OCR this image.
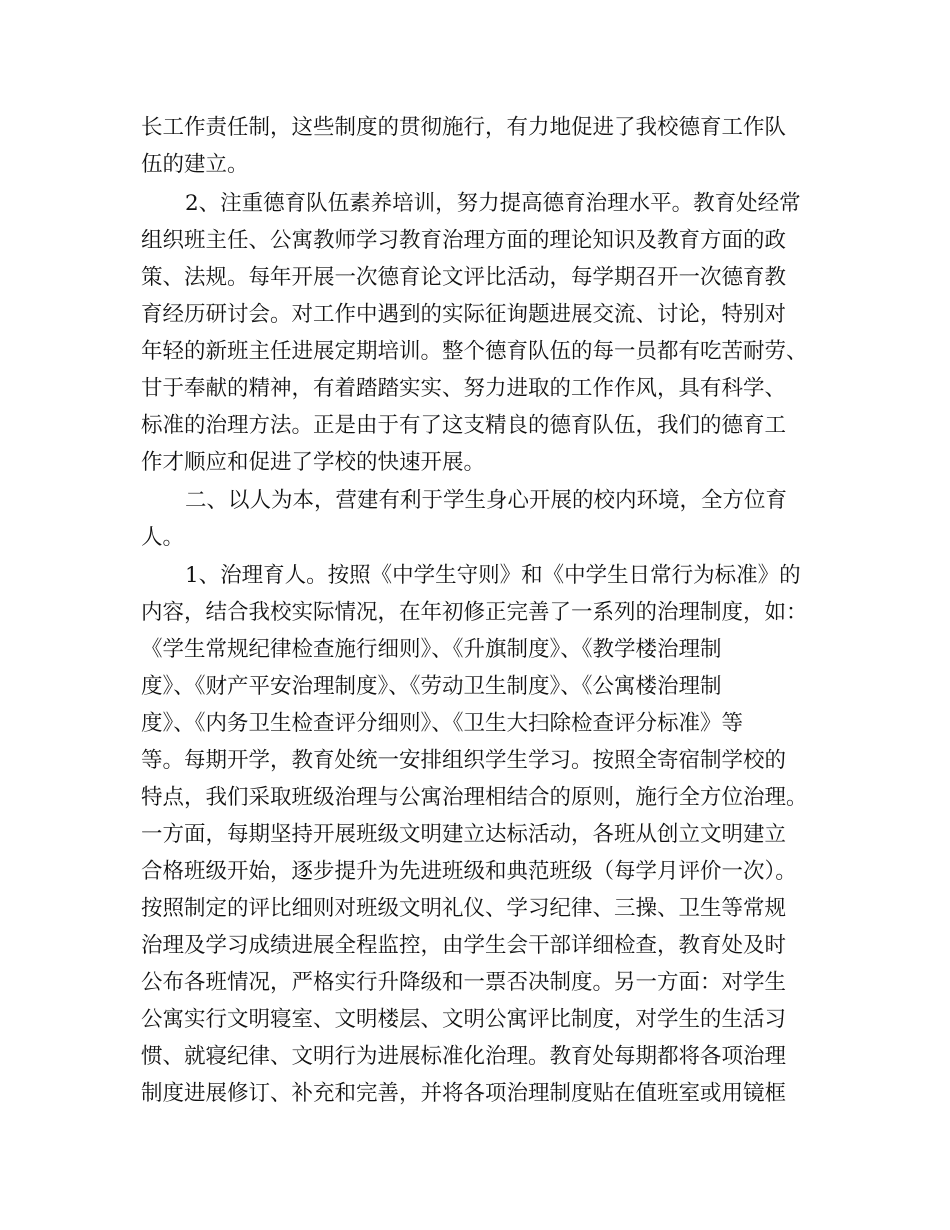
长工作责任制，这些制度的贯彻施行，有力地促进了我校德育工作队
伍的建立。
2、注重德育队伍素养培训，努力提高德育治理水平。教育处经常
组织班主任、公寓教师学习教育治理方面的理论知识及教育方面的政
策、法规。每年开展一次德育论文评比活动，每学期召开一次德育教
育经历研讨会。对工作中遇到的实际征询题进展交流、讨论，特别对
年轻的新班主任进展定期培训。整个德育队伍的每一员都有吃苦耐劳、
甘于奉献的精神，有着踏踏实实、努力进取的工作作风，具有科学、
标准的治理方法。正是由于有了这支精良的德育队伍，我们的德育工
作才顺应和促进了学校的快速开展。
二、以人为本，营建有利于学生身心开展的校内环境，全方位育
人。
1、治理育人。按照《中学生守则》和《中学生日常行为标准》的
内容，结合我校实际情况，在年初修正完善了一系列的治理制度，如：
《学生常规纪律检查施行细则》、《升旗制度》、《教学楼治理制
度》、《财产平安治理制度》、《劳动卫生制度》、《公寓楼治理制
度》、《内务卫生检查评分细则》、《卫生大扫除检查评分标准》等
等。每期开学，教育处统一安排组织学生学习。按照全寄宿制学校的
特点，我们采取班级治理与公寓治理相结合的原则，施行全方位治理。
一方面，每期坚持开展班级文明建立达标活动，各班从创立文明建立
合格班级开始，逐步提升为先进班级和典范班级（每学月评价一次）。
按照制定的评比细则对班级文明礼仪、学习纪律、三操、卫生等常规
治理及学习成绩进展全程监控，由学生会干部详细检查，教育处及时
公布各班情况，严格实行升降级和一票否决制度。另一方面：对学生
公寓实行文明寝室、文明楼层、文明公寓评比制度，对学生的生活习
惯、就寝纪律、文明行为进展标准化治理。教育处每期都将各项治理
制度进展修订、补充和完善，并将各项治理制度贴在值班室或用镜框
